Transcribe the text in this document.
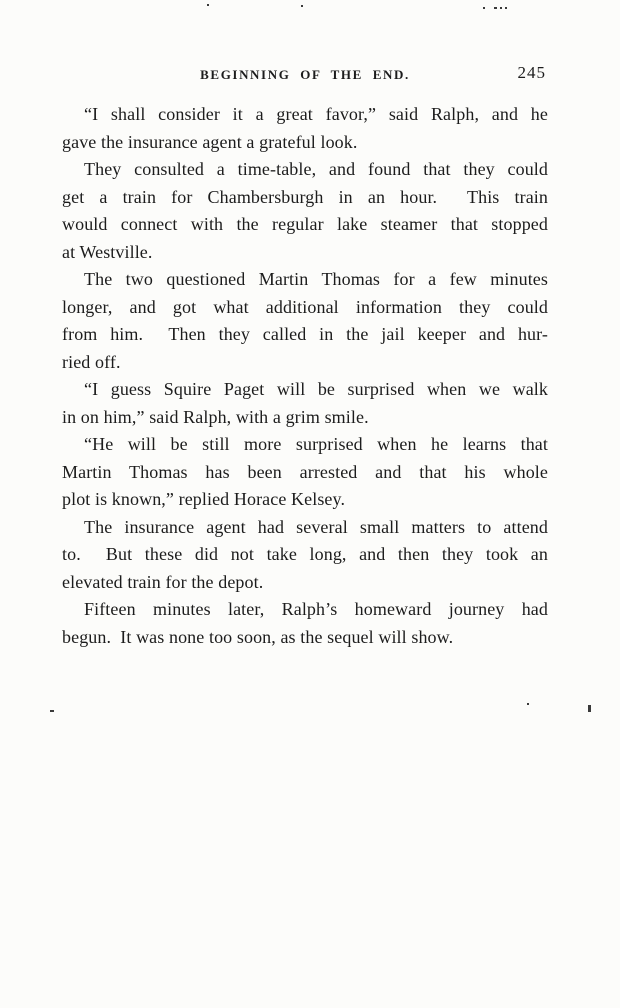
BEGINNING OF THE END.	245

“I shall consider it a great favor,” said Ralph, and he
gave the insurance agent a grateful look.

They consulted a time-table, and found that they could
get a train for Chambersburgh in an hour.  This train
would connect with the regular lake steamer that stopped
at Westville.

The two questioned Martin Thomas for a few minutes
longer, and got what additional information they could
from him.  Then they called in the jail keeper and hur-
ried off.

“I guess Squire Paget will be surprised when we walk
in on him,” said Ralph, with a grim smile.

“He will be still more surprised when he learns that
Martin Thomas has been arrested and that his whole
plot is known,” replied Horace Kelsey.

The insurance agent had several small matters to attend
to.  But these did not take long, and then they took an
elevated train for the depot.

Fifteen minutes later, Ralph’s homeward journey had
begun.  It was none too soon, as the sequel will show.
